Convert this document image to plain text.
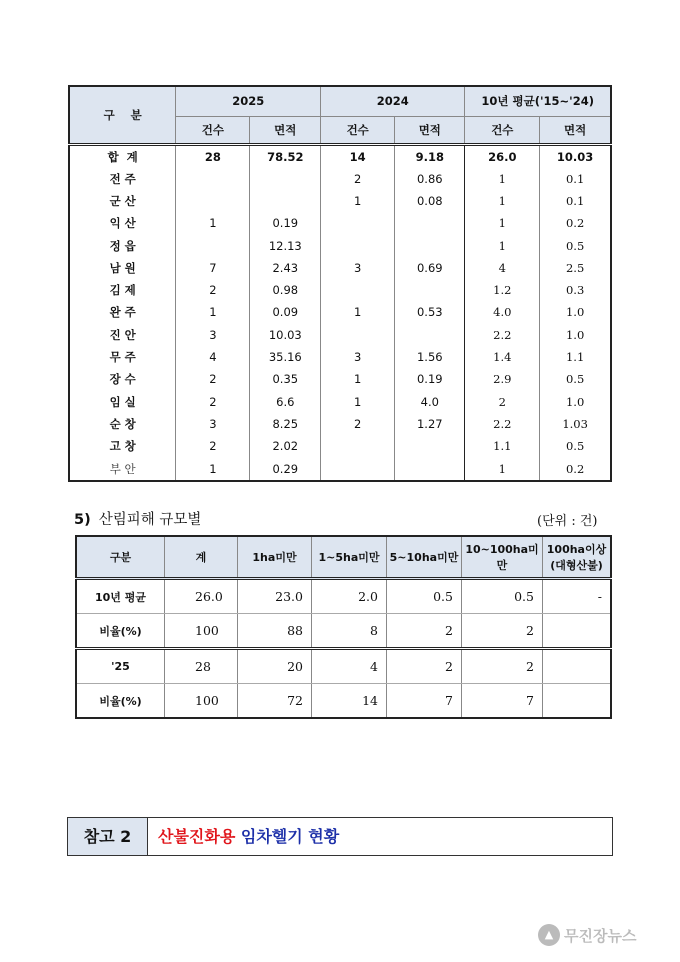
구    분	2025		2024		10년 평균('15~'24)	
	건수	면적	건수	면적	건수	면적
합  계	28	78.52	14	9.18	26.0	10.03
전 주			2	0.86	1	0.1
군 산			1	0.08	1	0.1
익 산	1	0.19			1	0.2
정 읍		12.13			1	0.5
남 원	7	2.43	3	0.69	4	2.5
김 제	2	0.98			1.2	0.3
완 주	1	0.09	1	0.53	4.0	1.0
진 안	3	10.03			2.2	1.0
무 주	4	35.16	3	1.56	1.4	1.1
장 수	2	0.35	1	0.19	2.9	0.5
임 실	2	6.6	1	4.0	2	1.0
순 창	3	8.25	2	1.27	2.2	1.03
고 창	2	2.02			1.1	0.5
부 안	1	0.29			1	0.2
5) 산림피해 규모별	(단위 : 건)
구분	계	1ha미만	1~5ha미만	5~10ha미만	10~100ha미만	100ha이상
(대형산불)
10년 평균	26.0	23.0	2.0	0.5	0.5	-
비율(%)	100	88	8	2	2	
'25	28	20	4	2	2	
비율(%)	100	72	14	7	7	
참고 2	산불진화용 임차헬기 현황
▲ 무진장뉴스
